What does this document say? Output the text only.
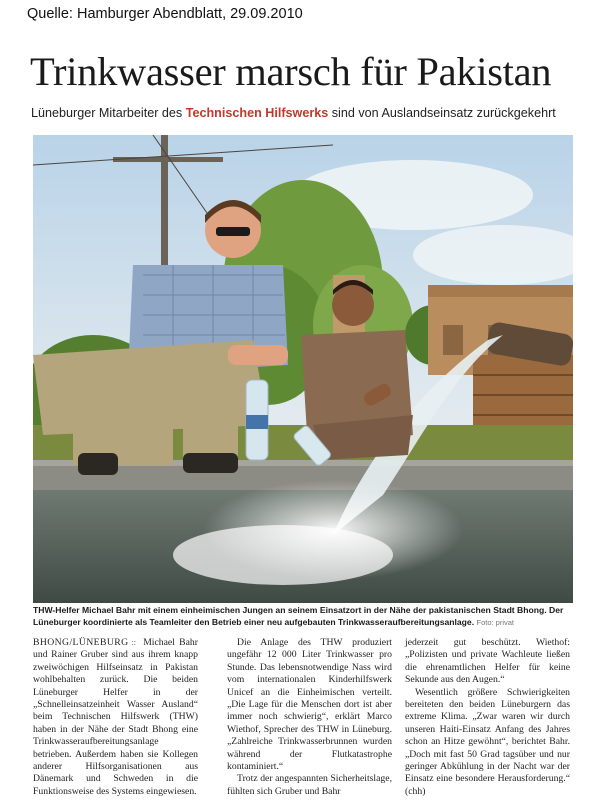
Quelle: Hamburger Abendblatt, 29.09.2010
Trinkwasser marsch für Pakistan
Lüneburger Mitarbeiter des Technischen Hilfswerks sind von Auslandseinsatz zurückgekehrt
THW-Helfer Michael Bahr mit einem einheimischen Jungen an seinem Einsatzort in der Nähe der pakistanischen Stadt Bhong. Der Lüneburger koordinierte als Teamleiter den Betrieb einer neu aufgebauten Trinkwasseraufbereitungsanlage. Foto: privat

BHONG/LÜNEBURG :: Michael Bahr und Rainer Gruber sind aus ihrem knapp zweiwöchigen Hilfseinsatz in Pakistan wohlbehalten zurück. Die beiden Lüneburger Helfer in der „Schnelleinsatzeinheit Wasser Ausland“ beim Technischen Hilfswerk (THW) haben in der Nähe der Stadt Bhong eine Trinkwasseraufbereitungsanlage betrieben. Außerdem haben sie Kollegen anderer Hilfsorganisationen aus Dänemark und Schweden in die Funktionsweise des Systems eingewiesen.

Die Anlage des THW produziert ungefähr 12 000 Liter Trinkwasser pro Stunde. Das lebensnotwendige Nass wird vom internationalen Kinderhilfswerk Unicef an die Einheimischen verteilt. „Die Lage für die Menschen dort ist aber immer noch schwierig“, erklärt Marco Wiethof, Sprecher des THW in Lüneburg. „Zahlreiche Trinkwasserbrunnen wurden während der Flutkatastrophe kontaminiert.“

Trotz der angespannten Sicherheitslage, fühlten sich Gruber und Bahr

jederzeit gut beschützt. Wiethof: „Polizisten und private Wachleute ließen die ehrenamtlichen Helfer für keine Sekunde aus den Augen.“

Wesentlich größere Schwierigkeiten bereiteten den beiden Lüneburgern das extreme Klima. „Zwar waren wir durch unseren Haiti-Einsatz Anfang des Jahres schon an Hitze gewöhnt“, berichtet Bahr. „Doch mit fast 50 Grad tagsüber und nur geringer Abkühlung in der Nacht war der Einsatz eine besondere Herausforderung.“ (chh)
